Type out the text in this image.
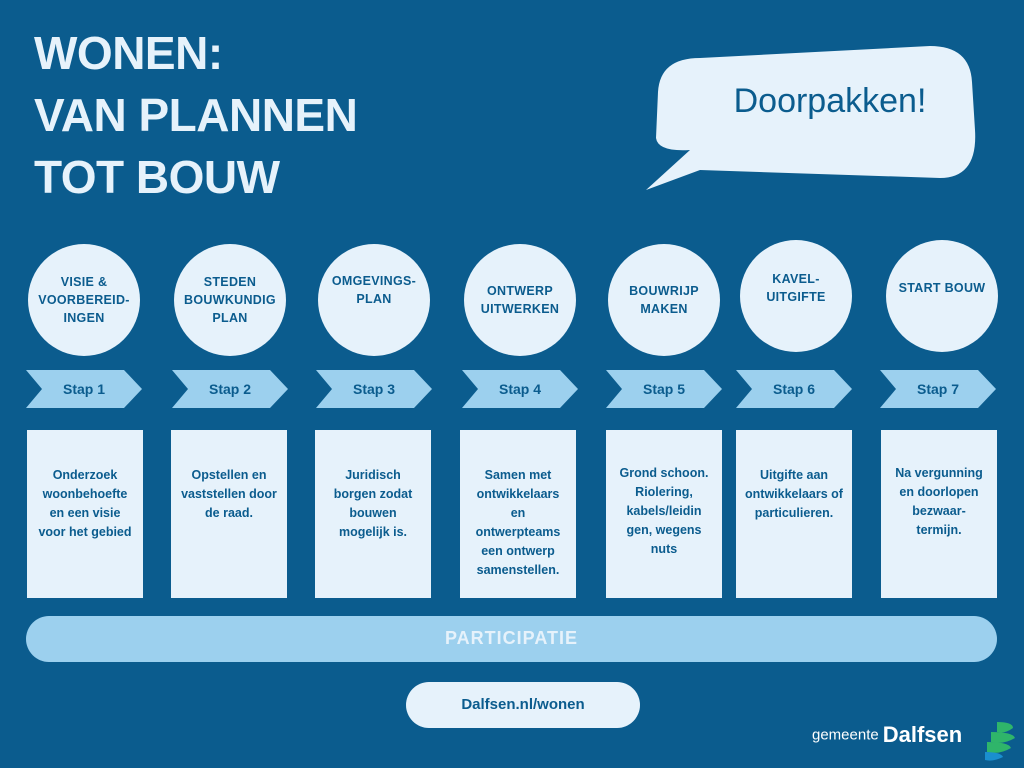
WONEN:
VAN PLANNEN
TOT BOUW
Doorpakken!
VISIE & VOORBEREID- INGEN
STEDEN BOUWKUNDIG PLAN
OMGEVINGS- PLAN
ONTWERP UITWERKEN
BOUWRIJP MAKEN
KAVEL- UITGIFTE
START BOUW
Stap 1	Stap 2	Stap 3	Stap 4	Stap 5	Stap 6	Stap 7
Onderzoek woonbehoefte en een visie voor het gebied
Opstellen en vaststellen door de raad.
Juridisch borgen zodat bouwen mogelijk is.
Samen met ontwikkelaars en ontwerpteams een ontwerp samenstellen.
Grond schoon. Riolering, kabels/leidin gen, wegens nuts
Uitgifte aan ontwikkelaars of particulieren.
Na vergunning en doorlopen bezwaar- termijn.
PARTICIPATIE
Dalfsen.nl/wonen
gemeente Dalfsen
